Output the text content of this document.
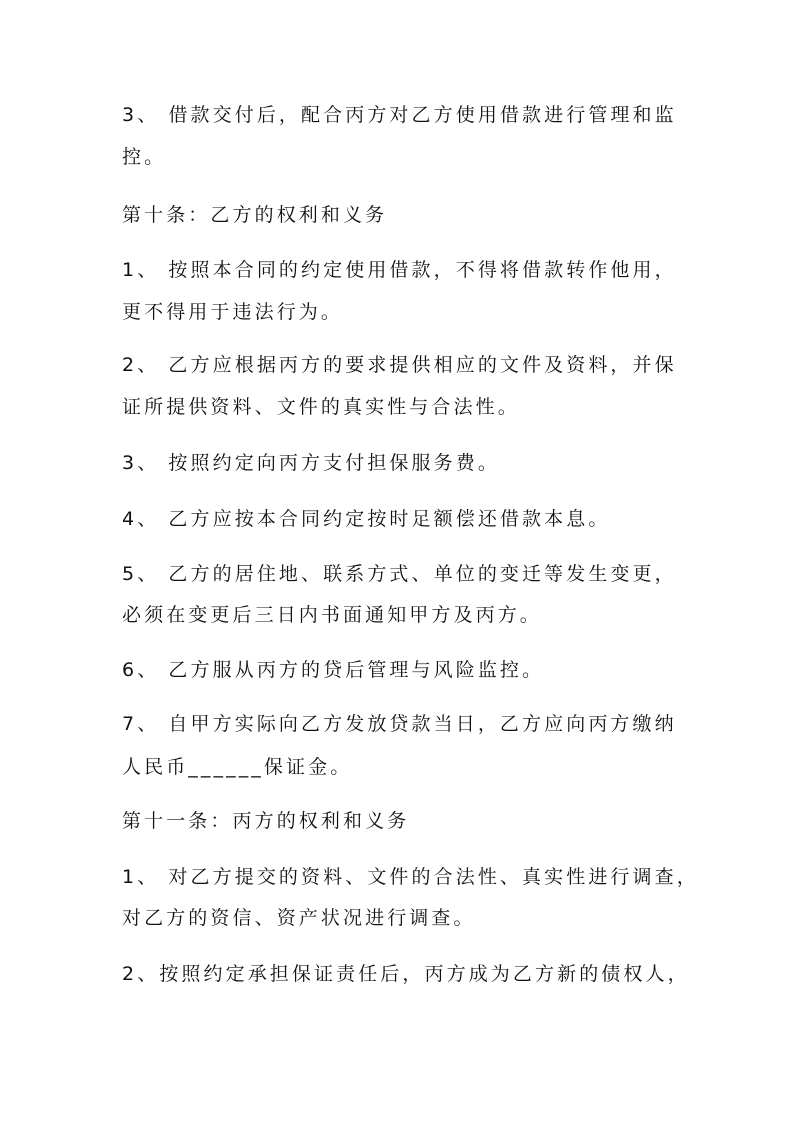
3、 借款交付后，配合丙方对乙方使用借款进行管理和监
控。
第十条：乙方的权利和义务
1、 按照本合同的约定使用借款，不得将借款转作他用，
更不得用于违法行为。
2、 乙方应根据丙方的要求提供相应的文件及资料，并保
证所提供资料、文件的真实性与合法性。
3、 按照约定向丙方支付担保服务费。
4、 乙方应按本合同约定按时足额偿还借款本息。
5、 乙方的居住地、联系方式、单位的变迁等发生变更，
必须在变更后三日内书面通知甲方及丙方。
6、 乙方服从丙方的贷后管理与风险监控。
7、 自甲方实际向乙方发放贷款当日，乙方应向丙方缴纳
人民币______保证金。
第十一条：丙方的权利和义务
1、 对乙方提交的资料、文件的合法性、真实性进行调查，
对乙方的资信、资产状况进行调查。
2、按照约定承担保证责任后，丙方成为乙方新的债权人，
